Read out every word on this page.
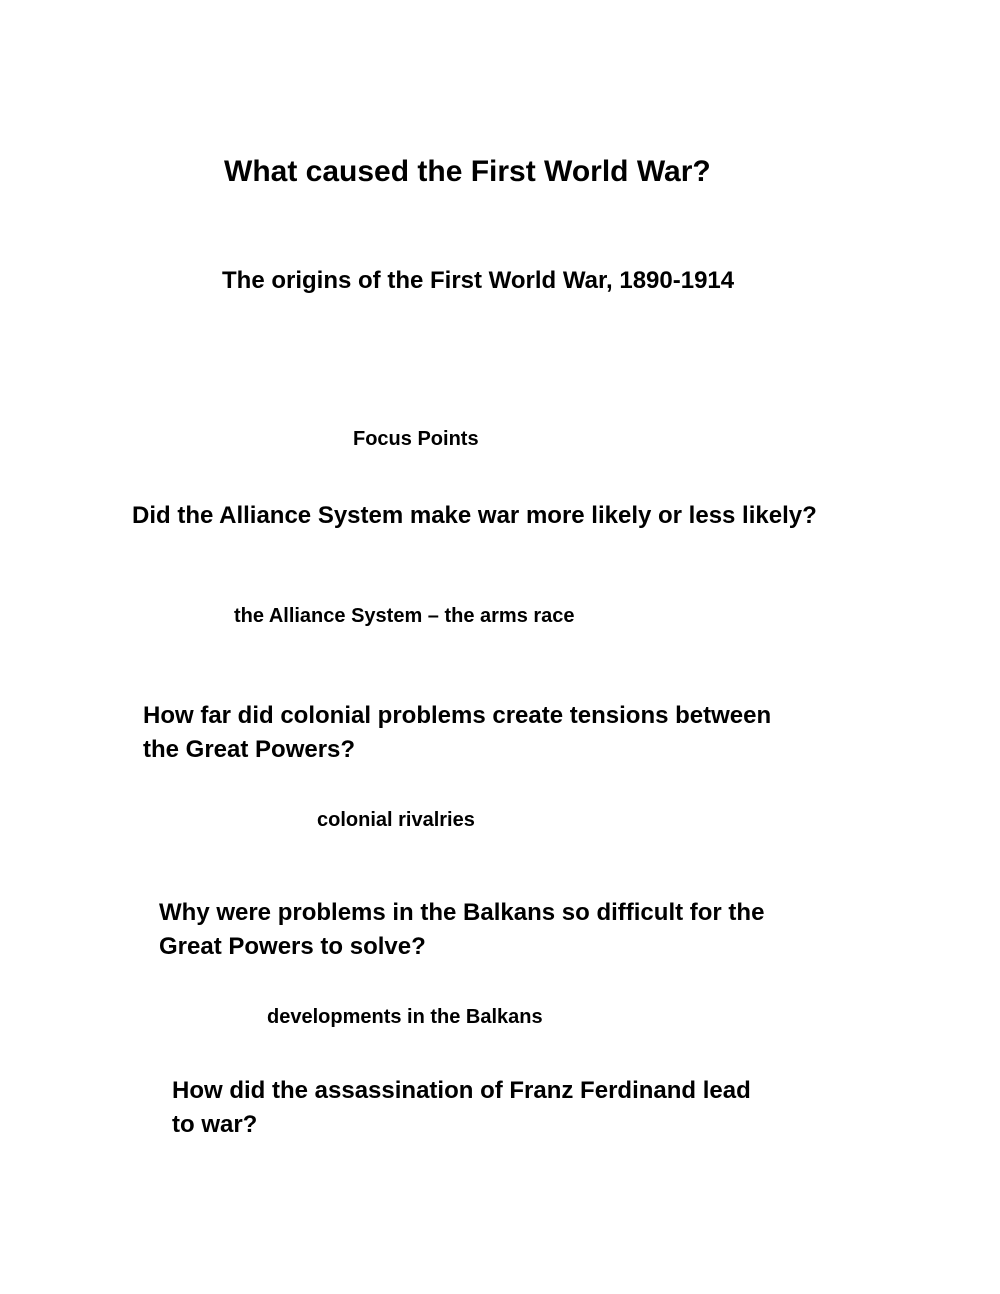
What caused the First World War?
The origins of the First World War, 1890-1914
Focus Points

Did the Alliance System make war more likely or less likely?

the Alliance System – the arms race

How far did colonial problems create tensions between
the Great Powers?

colonial rivalries

Why were problems in the Balkans so difficult for the
Great Powers to solve?

developments in the Balkans

How did the assassination of Franz Ferdinand lead
to war?
